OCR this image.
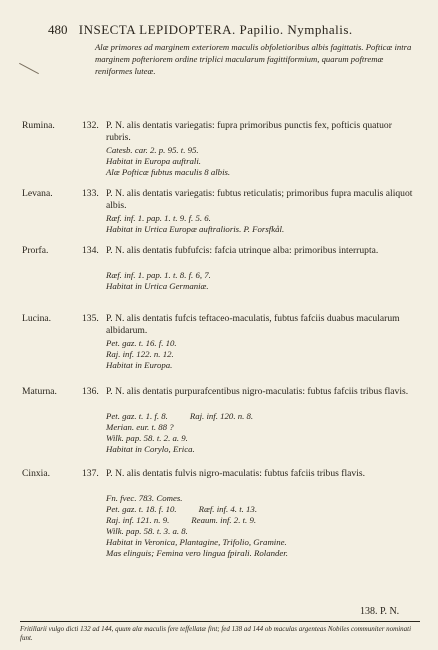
480 INSECTA LEPIDOPTERA. Papilio. Nymphalis.
Alæ primores ad marginem exteriorem maculis obfoletioribus albis fagittatis. Pofticæ intra marginem pofteriorem ordine triplici macularum fagittiformium, quarum poftremæ reniformes luteæ.
Rumina.	132. P. N. alis dentatis variegatis: fupra primoribus punctis fex, pofticis quatuor rubris.
Catesb. car. 2. p. 95. t. 95.
Habitat in Europa auftrali.
Alæ Pofticæ fubtus maculis 8 albis.
Levana.	133. P. N. alis dentatis variegatis: fubtus reticulatis; primoribus fupra maculis aliquot albis.
Ræf. inf. 1. pap. 1. t. 9. f. 5. 6.
Habitat in Urtica Europæ auftralioris. P. Forsfkål.
Prorfa.	134. P. N. alis dentatis fubfufcis: fafcia utrinque alba: primoribus interrupta.
Ræf. inf. 1. pap. 1. t. 8. f. 6, 7.
Habitat in Urtica Germaniæ.
Lucina.	135. P. N. alis dentatis fufcis teftaceo-maculatis, fubtus fafciis duabus macularum albidarum.
Pet. gaz. t. 16. f. 10.
Raj. inf. 122. n. 12.
Habitat in Europa.
Maturna.	136. P. N. alis dentatis purpurafcentibus nigro-maculatis: fubtus fafciis tribus flavis.
Pet. gaz. t. 1. f. 8.	Raj. inf. 120. n. 8.
Merian. eur. t. 88 ?
Wilk. pap. 58. t. 2. a. 9.
Habitat in Corylo, Erica.
Cinxia.	137. P. N. alis dentatis fulvis nigro-maculatis: fubtus fafciis tribus flavis.
Fn. fvec. 783. Comes.
Pet. gaz. t. 18. f. 10.	Ræf. inf. 4. t. 13.
Raj. inf. 121. n. 9.	Reaum. inf. 2. t. 9.
Wilk. pap. 58. t. 3. a. 8.
Habitat in Veronica, Plantagine, Trifolio, Gramine.
Mas elinguis; Femina vero lingua fpirali. Rolander.
138. P. N.
Fritillarii vulgo dicti 132 ad 144, quum alæ maculis fere teffellatæ fint; fed 138 ad 144 ob maculas argenteas Nobiles communiter nominati funt.
